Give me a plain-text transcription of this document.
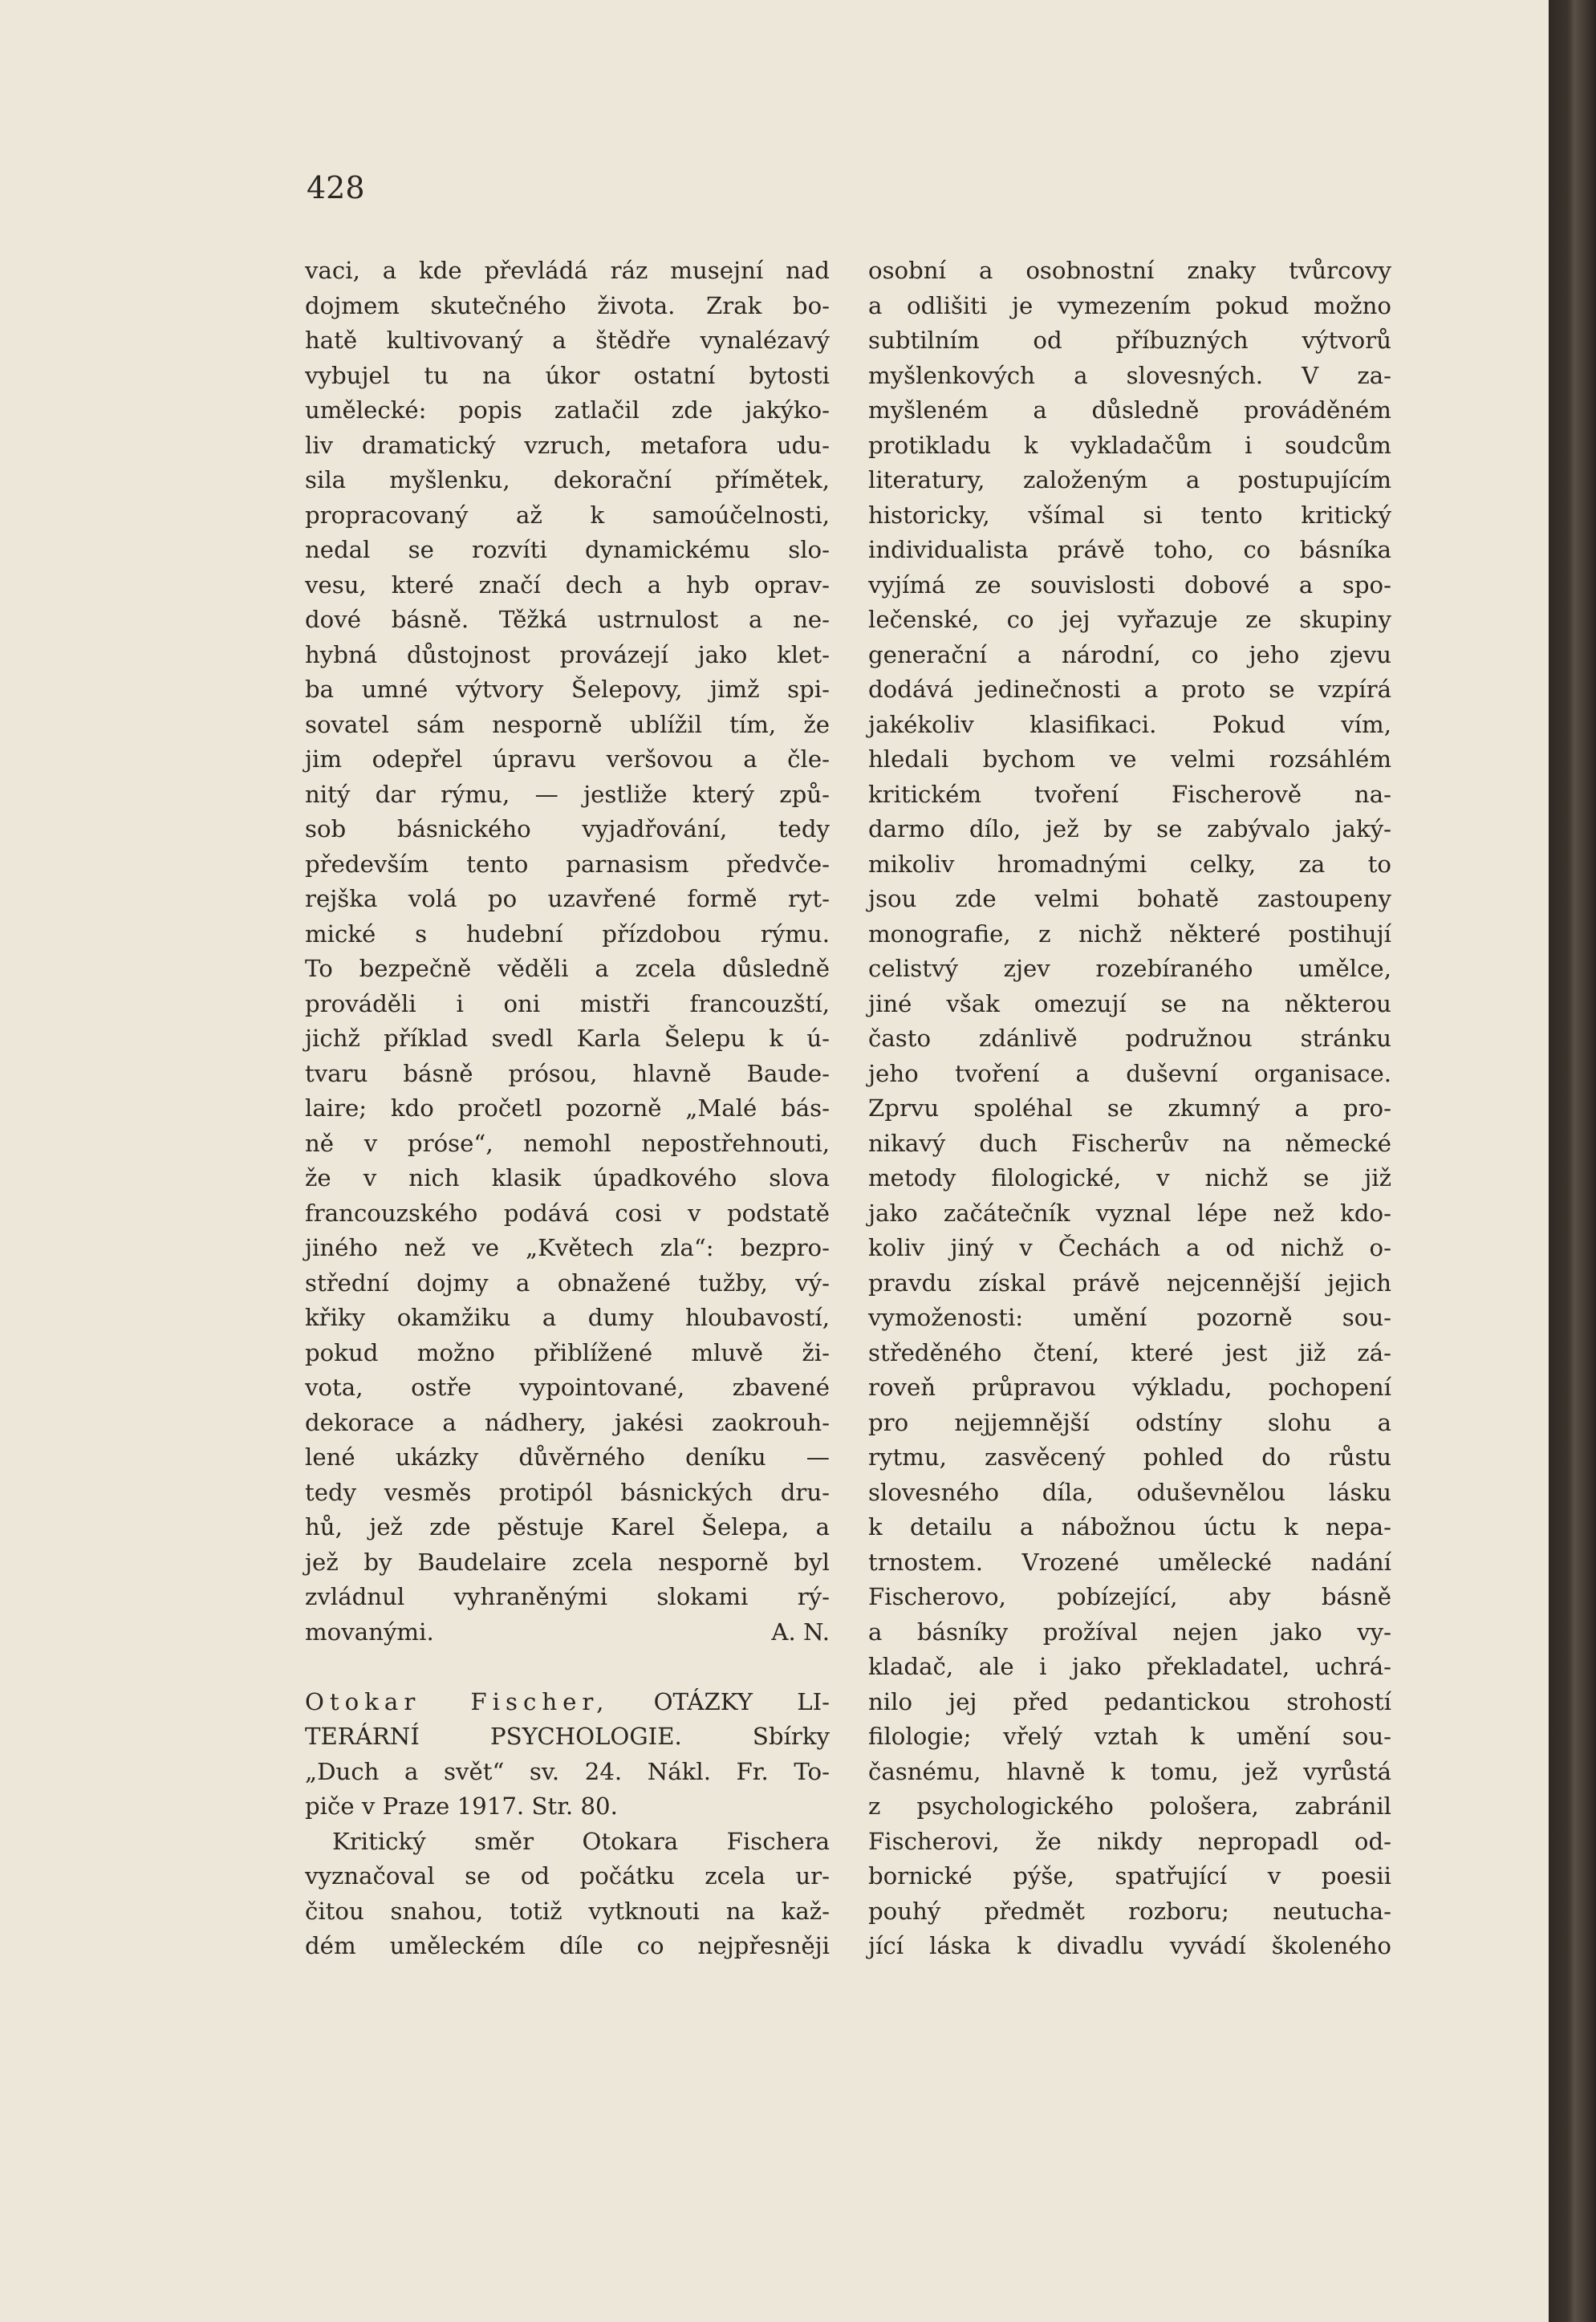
428
vaci, a kde převládá ráz musejní nad
dojmem skutečného života. Zrak bo-
hatě kultivovaný a štědře vynalézavý
vybujel tu na úkor ostatní bytosti
umělecké: popis zatlačil zde jakýko-
liv dramatický vzruch, metafora udu-
sila myšlenku, dekorační přímětek,
propracovaný až k samoúčelnosti,
nedal se rozvíti dynamickému slo-
vesu, které značí dech a hyb oprav-
dové básně. Těžká ustrnulost a ne-
hybná důstojnost provázejí jako klet-
ba umné výtvory Šelepovy, jimž spi-
sovatel sám nesporně ublížil tím, že
jim odepřel úpravu veršovou a čle-
nitý dar rýmu, — jestliže který způ-
sob básnického vyjadřování, tedy
především tento parnasism předvče-
rejška volá po uzavřené formě ryt-
mické s hudební přízdobou rýmu.
To bezpečně věděli a zcela důsledně
prováděli i oni mistři francouzští,
jichž příklad svedl Karla Šelepu k ú-
tvaru básně prósou, hlavně Baude-
laire; kdo pročetl pozorně „Malé bás-
ně v próse“, nemohl nepostřehnouti,
že v nich klasik úpadkového slova
francouzského podává cosi v podstatě
jiného než ve „Květech zla“: bezpro-
střední dojmy a obnažené tužby, vý-
křiky okamžiku a dumy hloubavostí,
pokud možno přiblížené mluvě ži-
vota, ostře vypointované, zbavené
dekorace a nádhery, jakési zaokrouh-
lené ukázky důvěrného deníku —
tedy vesměs protipól básnických dru-
hů, jež zde pěstuje Karel Šelepa, a
jež by Baudelaire zcela nesporně byl
zvládnul vyhraněnými slokami rý-
movanými.	A. N.
Otokar Fischer, OTÁZKY LI-
TERÁRNÍ PSYCHOLOGIE. Sbírky
„Duch a svět“ sv. 24. Nákl. Fr. To-
piče v Praze 1917. Str. 80.
Kritický směr Otokara Fischera
vyznačoval se od počátku zcela ur-
čitou snahou, totiž vytknouti na kaž-
dém uměleckém díle co nejpřesněji
osobní a osobnostní znaky tvůrcovy
a odlišiti je vymezením pokud možno
subtilním od příbuzných výtvorů
myšlenkových a slovesných. V za-
myšleném a důsledně prováděném
protikladu k vykladačům i soudcům
literatury, založeným a postupujícím
historicky, všímal si tento kritický
individualista právě toho, co básníka
vyjímá ze souvislosti dobové a spo-
lečenské, co jej vyřazuje ze skupiny
generační a národní, co jeho zjevu
dodává jedinečnosti a proto se vzpírá
jakékoliv klasifikaci. Pokud vím,
hledali bychom ve velmi rozsáhlém
kritickém tvoření Fischerově na-
darmo dílo, jež by se zabývalo jaký-
mikoliv hromadnými celky, za to
jsou zde velmi bohatě zastoupeny
monografie, z nichž některé postihují
celistvý zjev rozebíraného umělce,
jiné však omezují se na některou
často zdánlivě podružnou stránku
jeho tvoření a duševní organisace.
Zprvu spoléhal se zkumný a pro-
nikavý duch Fischerův na německé
metody filologické, v nichž se již
jako začátečník vyznal lépe než kdo-
koliv jiný v Čechách a od nichž o-
pravdu získal právě nejcennější jejich
vymoženosti: umění pozorně sou-
středěného čtení, které jest již zá-
roveň průpravou výkladu, pochopení
pro nejjemnější odstíny slohu a
rytmu, zasvěcený pohled do růstu
slovesného díla, oduševnělou lásku
k detailu a nábožnou úctu k nepa-
trnostem. Vrozené umělecké nadání
Fischerovo, pobízející, aby básně
a básníky prožíval nejen jako vy-
kladač, ale i jako překladatel, uchrá-
nilo jej před pedantickou strohostí
filologie; vřelý vztah k umění sou-
časnému, hlavně k tomu, jež vyrůstá
z psychologického pološera, zabránil
Fischerovi, že nikdy nepropadl od-
bornické pýše, spatřující v poesii
pouhý předmět rozboru; neutucha-
jící láska k divadlu vyvádí školeného
